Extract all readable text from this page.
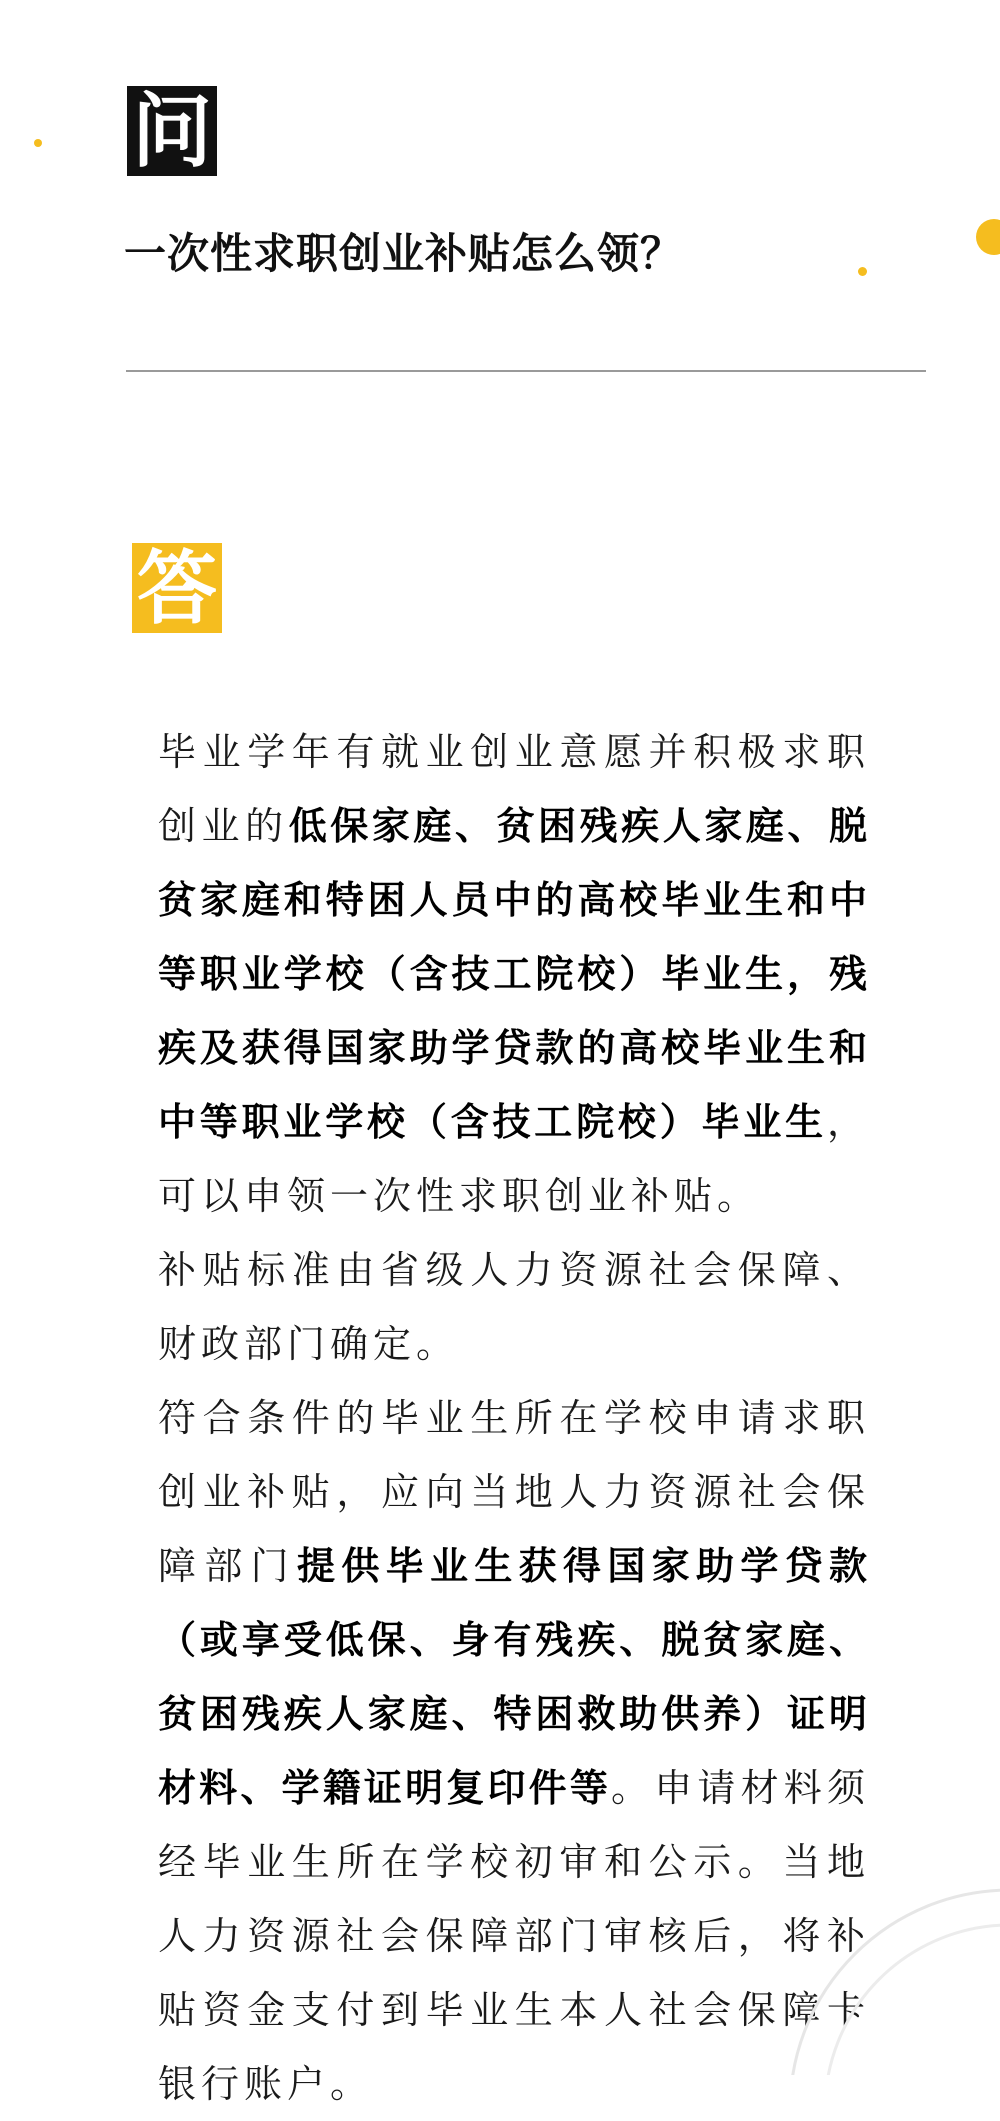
问
一次性求职创业补贴怎么领？
答

毕业学年有就业创业意愿并积极求职创业的低保家庭、贫困残疾人家庭、脱贫家庭和特困人员中的高校毕业生和中等职业学校（含技工院校）毕业生，残疾及获得国家助学贷款的高校毕业生和中等职业学校（含技工院校）毕业生，可以申领一次性求职创业补贴。

补贴标准由省级人力资源社会保障、财政部门确定。

符合条件的毕业生所在学校申请求职创业补贴，应向当地人力资源社会保障部门提供毕业生获得国家助学贷款（或享受低保、身有残疾、脱贫家庭、贫困残疾人家庭、特困救助供养）证明材料、学籍证明复印件等。申请材料须经毕业生所在学校初审和公示。当地人力资源社会保障部门审核后，将补贴资金支付到毕业生本人社会保障卡银行账户。
